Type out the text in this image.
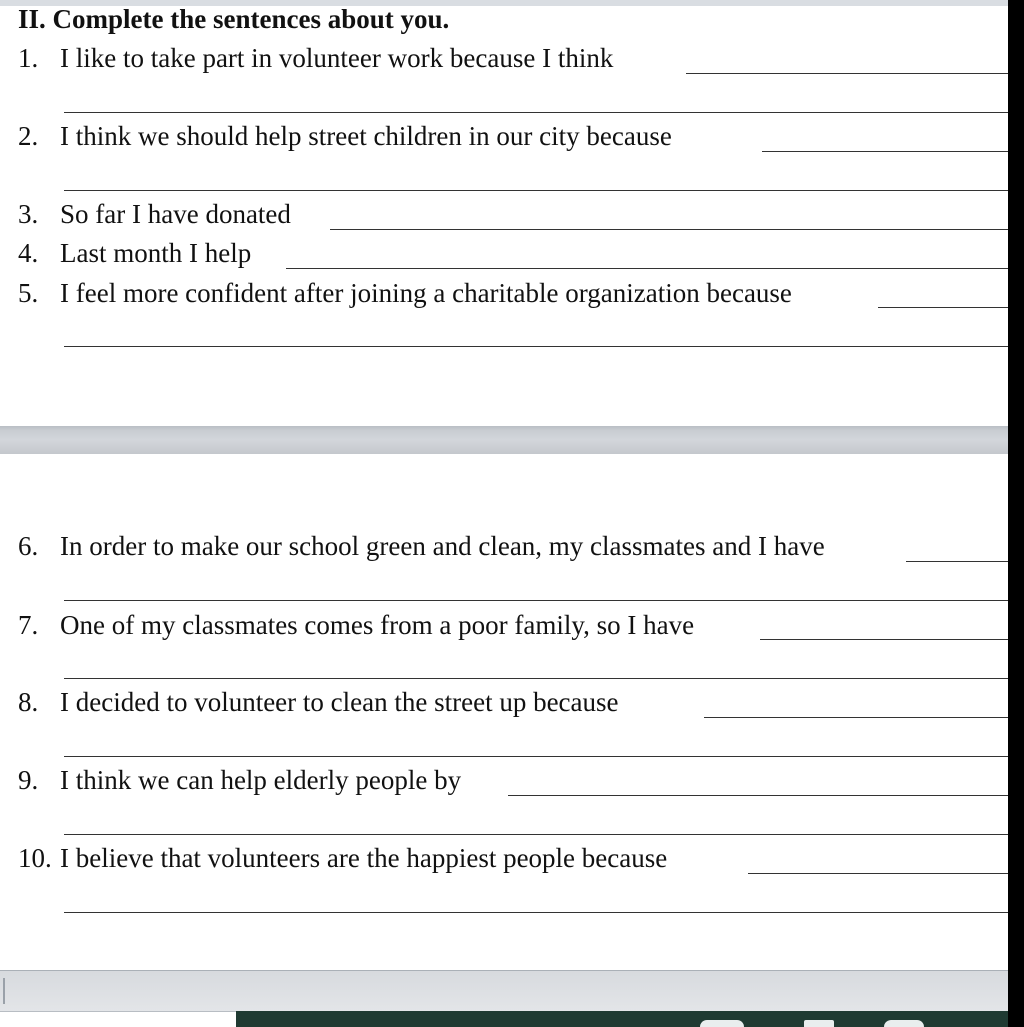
II. Complete the sentences about you.
1. I like to take part in volunteer work because I think
2. I think we should help street children in our city because
3. So far I have donated
4. Last month I help
5. I feel more confident after joining a charitable organization because
6. In order to make our school green and clean, my classmates and I have
7. One of my classmates comes from a poor family, so I have
8. I decided to volunteer to clean the street up because
9. I think we can help elderly people by
10. I believe that volunteers are the happiest people because
